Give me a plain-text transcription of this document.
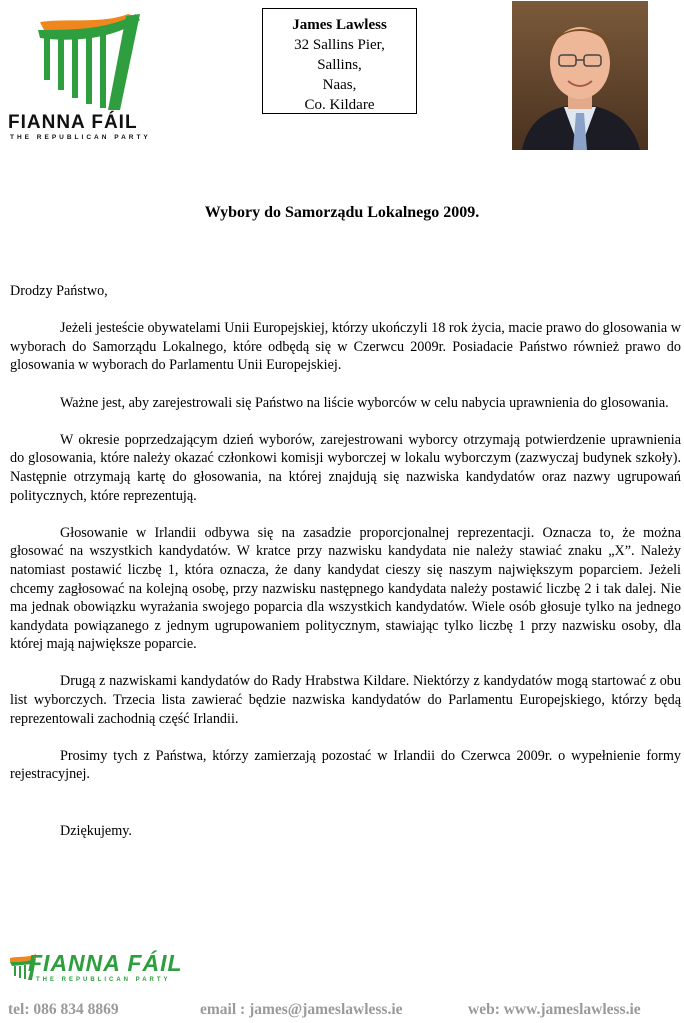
FIANNA FÁIL
THE REPUBLICAN PARTY
James Lawless
32 Sallins Pier,
Sallins,
Naas,
Co. Kildare
Wybory do Samorządu Lokalnego 2009.

Drodzy Państwo,

Jeżeli jesteście obywatelami Unii Europejskiej, którzy ukończyli 18 rok życia, macie prawo do glosowania w wyborach do Samorządu Lokalnego, które odbędą się w Czerwcu 2009r. Posiadacie Państwo również prawo do glosowania w wyborach do Parlamentu Unii Europejskiej.

Ważne jest, aby zarejestrowali się Państwo na liście wyborców w celu nabycia uprawnienia do glosowania.

W okresie poprzedzającym dzień wyborów, zarejestrowani wyborcy otrzymają potwierdzenie uprawnienia do glosowania, które należy okazać członkowi komisji wyborczej w lokalu wyborczym (zazwyczaj budynek szkoły). Następnie otrzymają kartę do głosowania, na której znajdują się nazwiska kandydatów oraz nazwy ugrupowań politycznych, które reprezentują.

Głosowanie w Irlandii odbywa się na zasadzie proporcjonalnej reprezentacji. Oznacza to, że można głosować na wszystkich kandydatów. W kratce przy nazwisku kandydata nie należy stawiać znaku „X”. Należy natomiast postawić liczbę 1, która oznacza, że dany kandydat cieszy się naszym największym poparciem. Jeżeli chcemy zagłosować na kolejną osobę, przy nazwisku następnego kandydata należy postawić liczbę 2 i tak dalej. Nie ma jednak obowiązku wyrażania swojego poparcia dla wszystkich kandydatów. Wiele osób głosuje tylko na jednego kandydata powiązanego z jednym ugrupowaniem politycznym, stawiając tylko liczbę 1 przy nazwisku osoby, dla której mają największe poparcie.

Drugą z nazwiskami kandydatów do Rady Hrabstwa Kildare. Niektórzy z kandydatów mogą startować z obu list wyborczych. Trzecia lista zawierać będzie nazwiska kandydatów do Parlamentu Europejskiego, którzy będą reprezentowali zachodnią część Irlandii.

Prosimy tych z Państwa, którzy zamierzają pozostać w Irlandii do Czerwca 2009r. o wypełnienie formy rejestracyjnej.

Dziękujemy.

FIANNA FÁIL
THE REPUBLICAN PARTY
tel: 086 834 8869	email : james@jameslawless.ie	web: www.jameslawless.ie
